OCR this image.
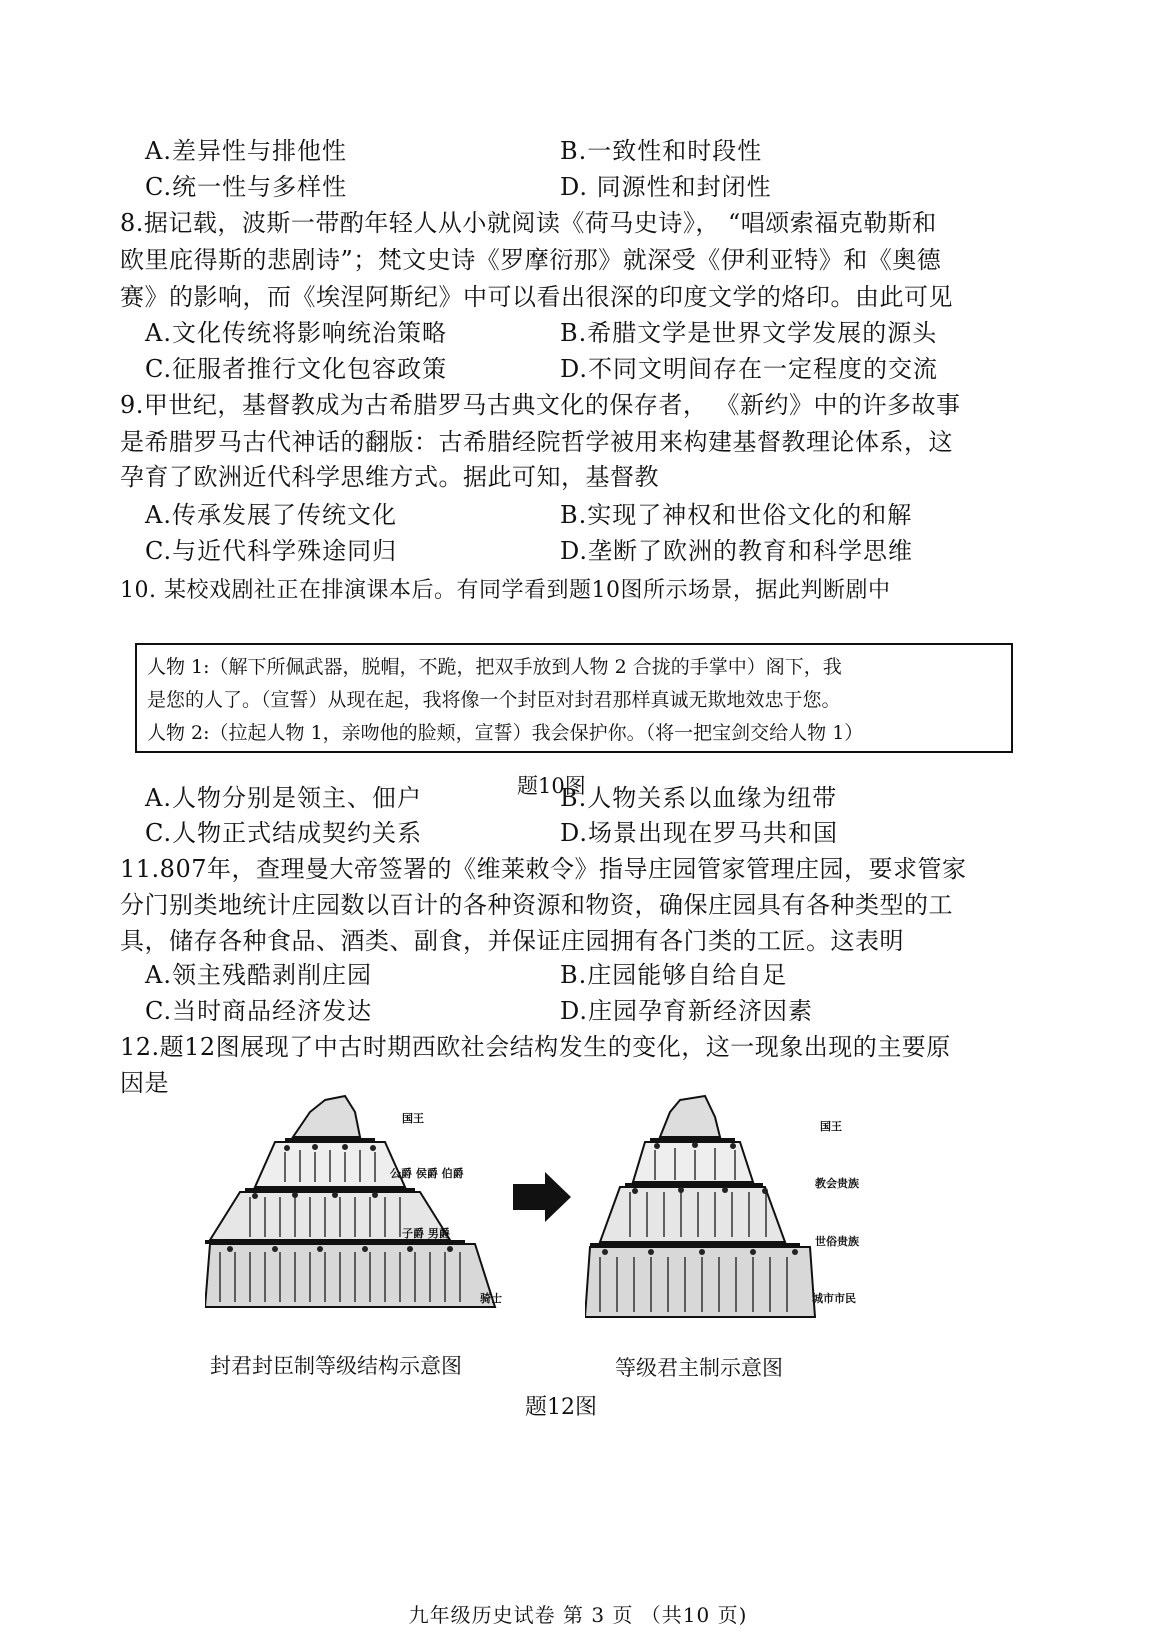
A.差异性与排他性	B.一致性和时段性
C.统一性与多样性	D. 同源性和封闭性
8.据记载，波斯一带酌年轻人从小就阅读《荷马史诗》， “唱颂索福克勒斯和
欧里庇得斯的悲剧诗”；梵文史诗《罗摩衍那》就深受《伊利亚特》和《奥德
赛》的影响，而《埃涅阿斯纪》中可以看出很深的印度文学的烙印。由此可见
A.文化传统将影响统治策略	B.希腊文学是世界文学发展的源头
C.征服者推行文化包容政策	D.不同文明间存在一定程度的交流
9.甲世纪，基督教成为古希腊罗马古典文化的保存者， 《新约》中的许多故事
是希腊罗马古代神话的翻版：古希腊经院哲学被用来构建基督教理论体系，这
孕育了欧洲近代科学思维方式。据此可知，基督教
A.传承发展了传统文化	B.实现了神权和世俗文化的和解
C.与近代科学殊途同归	D.垄断了欧洲的教育和科学思维
10. 某校戏剧社正在排演课本后。有同学看到题10图所示场景，据此判断剧中
人物 1:（解下所佩武器，脱帽，不跪，把双手放到人物 2 合拢的手掌中）阁下，我
是您的人了。（宣誓）从现在起，我将像一个封臣对封君那样真诚无欺地效忠于您。
人物 2:（拉起人物 1，亲吻他的脸颊，宣誓）我会保护你。（将一把宝剑交给人物 1）
题10图
A.人物分别是领主、佃户	B.人物关系以血缘为纽带
C.人物正式结成契约关系	D.场景出现在罗马共和国
11.807年，查理曼大帝签署的《维莱敕令》指导庄园管家管理庄园，要求管家
分门别类地统计庄园数以百计的各种资源和物资，确保庄园具有各种类型的工
具，储存各种食品、酒类、副食，并保证庄园拥有各门类的工匠。这表明
A.领主残酷剥削庄园	B.庄园能够自给自足
C.当时商品经济发达	D.庄园孕育新经济因素
12.题12图展现了中古时期西欧社会结构发生的变化，这一现象出现的主要原
因是
国王
公爵 侯爵 伯爵
子爵 男爵
骑士
国王
教会贵族
世俗贵族
城市市民
封君封臣制等级结构示意图	等级君主制示意图
题12图
九年级历史试卷 第 3 页 （共10 页)
